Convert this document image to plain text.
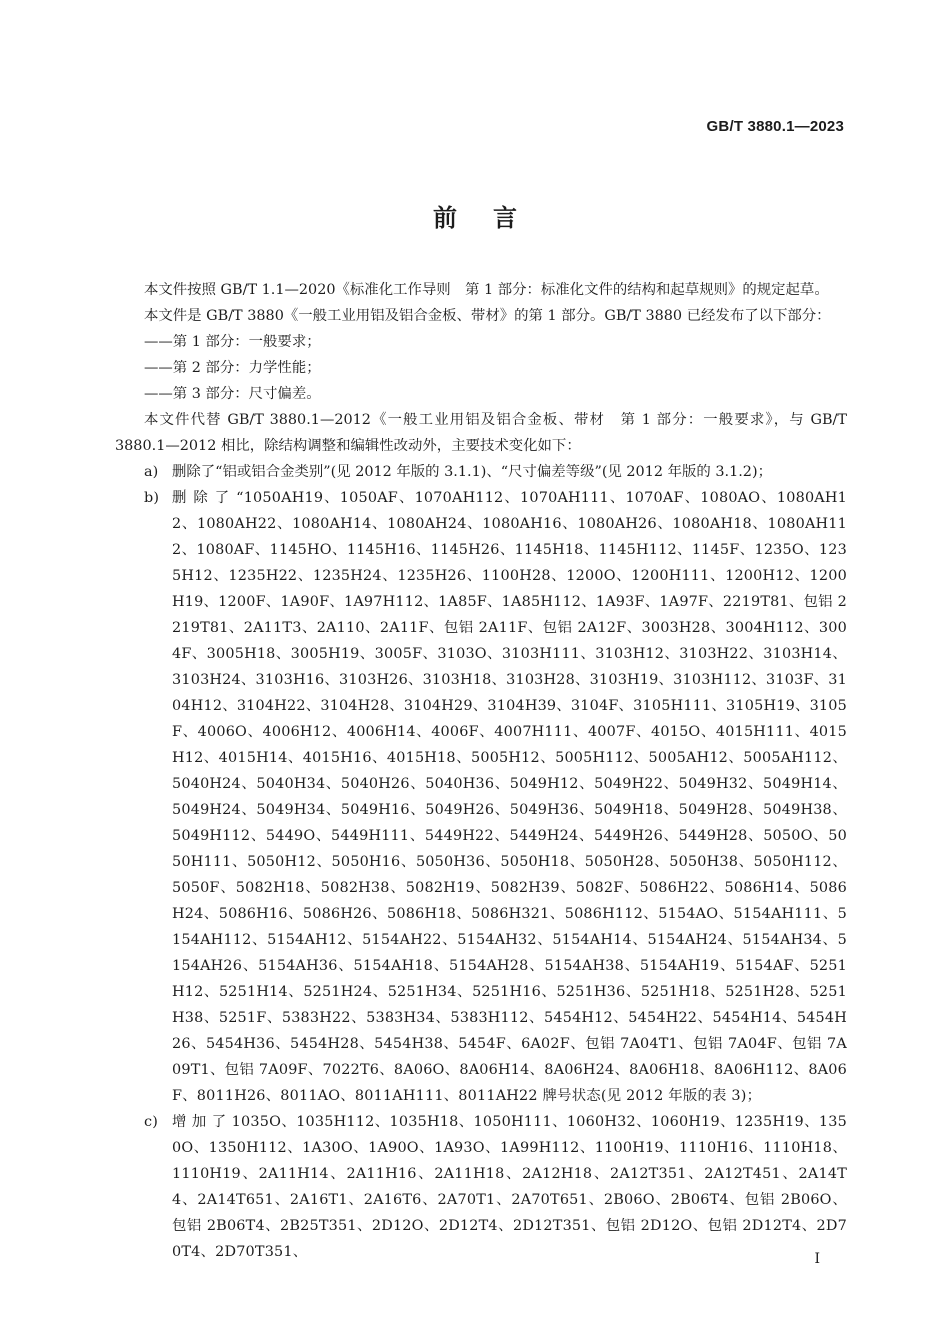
GB/T 3880.1—2023
前言

本文件按照 GB/T 1.1—2020《标准化工作导则　第 1 部分：标准化文件的结构和起草规则》的规定起草。

本文件是 GB/T 3880《一般工业用铝及铝合金板、带材》的第 1 部分。GB/T 3880 已经发布了以下部分：

——第 1 部分：一般要求；

——第 2 部分：力学性能；

——第 3 部分：尺寸偏差。

本文件代替 GB/T 3880.1—2012《一般工业用铝及铝合金板、带材　第 1 部分：一般要求》，与 GB/T 3880.1—2012 相比，除结构调整和编辑性改动外，主要技术变化如下：

a) 删除了“铝或铝合金类别”(见 2012 年版的 3.1.1)、“尺寸偏差等级”(见 2012 年版的 3.1.2)；
b) 删 除 了 “1050AH19、1050AF、1070AH112、1070AH111、1070AF、1080AO、1080AH12、1080AH22、1080AH14、1080AH24、1080AH16、1080AH26、1080AH18、1080AH112、1080AF、1145HO、1145H16、1145H26、1145H18、1145H112、1145F、1235O、1235H12、1235H22、1235H24、1235H26、1100H28、1200O、1200H111、1200H12、1200H19、1200F、1A90F、1A97H112、1A85F、1A85H112、1A93F、1A97F、2219T81、包铝 2219T81、2A11T3、2A110、2A11F、包铝 2A11F、包铝 2A12F、3003H28、3004H112、3004F、3005H18、3005H19、3005F、3103O、3103H111、3103H12、3103H22、3103H14、3103H24、3103H16、3103H26、3103H18、3103H28、3103H19、3103H112、3103F、3104H12、3104H22、3104H28、3104H29、3104H39、3104F、3105H111、3105H19、3105F、4006O、4006H12、4006H14、4006F、4007H111、4007F、4015O、4015H111、4015H12、4015H14、4015H16、4015H18、5005H12、5005H112、5005AH12、5005AH112、5040H24、5040H34、5040H26、5040H36、5049H12、5049H22、5049H32、5049H14、5049H24、5049H34、5049H16、5049H26、5049H36、5049H18、5049H28、5049H38、5049H112、5449O、5449H111、5449H22、5449H24、5449H26、5449H28、5050O、5050H111、5050H12、5050H16、5050H36、5050H18、5050H28、5050H38、5050H112、5050F、5082H18、5082H38、5082H19、5082H39、5082F、5086H22、5086H14、5086H24、5086H16、5086H26、5086H18、5086H321、5086H112、5154AO、5154AH111、5154AH112、5154AH12、5154AH22、5154AH32、5154AH14、5154AH24、5154AH34、5154AH26、5154AH36、5154AH18、5154AH28、5154AH38、5154AH19、5154AF、5251H12、5251H14、5251H24、5251H34、5251H16、5251H36、5251H18、5251H28、5251H38、5251F、5383H22、5383H34、5383H112、5454H12、5454H22、5454H14、5454H26、5454H36、5454H28、5454H38、5454F、6A02F、包铝 7A04T1、包铝 7A04F、包铝 7A09T1、包铝 7A09F、7022T6、8A06O、8A06H14、8A06H24、8A06H18、8A06H112、8A06F、8011H26、8011AO、8011AH111、8011AH22 牌号状态(见 2012 年版的表 3)；
c) 增 加 了 1035O、1035H112、1035H18、1050H111、1060H32、1060H19、1235H19、1350O、1350H112、1A30O、1A90O、1A93O、1A99H112、1100H19、1110H16、1110H18、1110H19、2A11H14、2A11H16、2A11H18、2A12H18、2A12T351、2A12T451、2A14T4、2A14T651、2A16T1、2A16T6、2A70T1、2A70T651、2B06O、2B06T4、包铝 2B06O、包铝 2B06T4、2B25T351、2D12O、2D12T4、2D12T351、包铝 2D12O、包铝 2D12T4、2D70T4、2D70T351、	I
